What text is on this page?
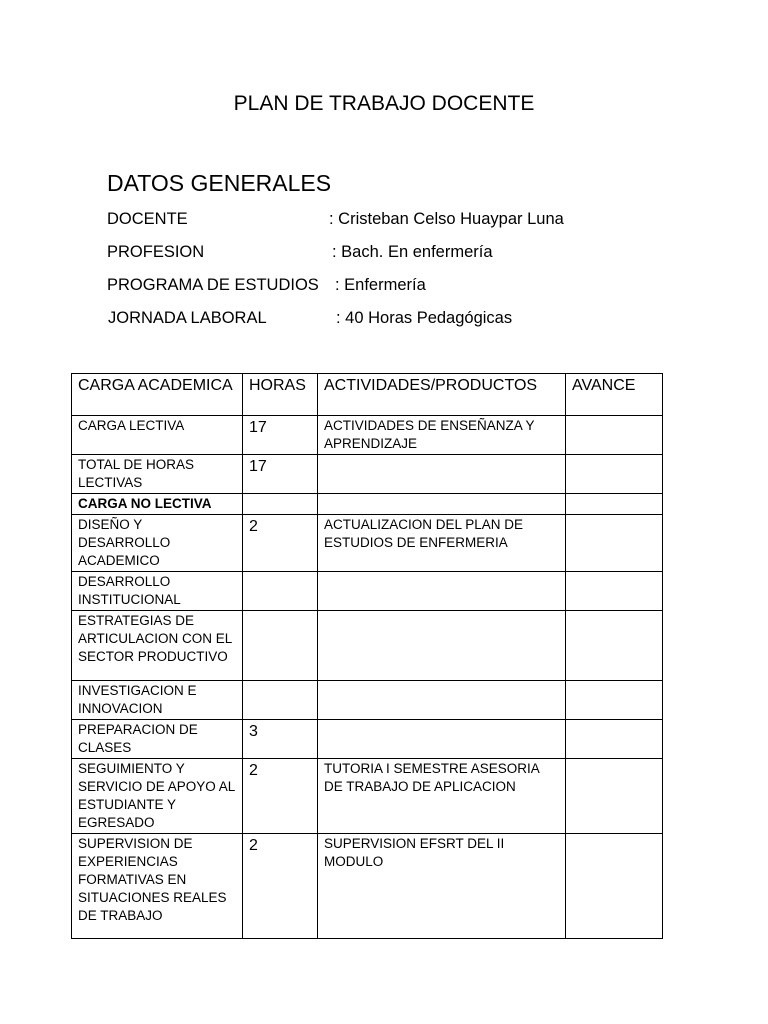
PLAN DE TRABAJO DOCENTE
DATOS GENERALES
DOCENTE	: Cristeban Celso Huaypar Luna
PROFESION	: Bach. En enfermería
PROGRAMA DE ESTUDIOS : Enfermería
JORNADA LABORAL	: 40 Horas Pedagógicas
CARGA ACADEMICA	HORAS	ACTIVIDADES/PRODUCTOS	AVANCE
CARGA LECTIVA	17	ACTIVIDADES DE ENSEÑANZA Y APRENDIZAJE	
TOTAL DE HORAS LECTIVAS	17		
CARGA NO LECTIVA			
DISEÑO Y DESARROLLO ACADEMICO	2	ACTUALIZACION DEL PLAN DE ESTUDIOS DE ENFERMERIA	
DESARROLLO INSTITUCIONAL			
ESTRATEGIAS DE ARTICULACION CON EL SECTOR PRODUCTIVO			
INVESTIGACION E INNOVACION			
PREPARACION DE CLASES	3		
SEGUIMIENTO Y SERVICIO DE APOYO AL ESTUDIANTE Y EGRESADO	2	TUTORIA I SEMESTRE ASESORIA DE TRABAJO DE APLICACION	
SUPERVISION DE EXPERIENCIAS FORMATIVAS EN SITUACIONES REALES DE TRABAJO	2	SUPERVISION EFSRT DEL II MODULO	
